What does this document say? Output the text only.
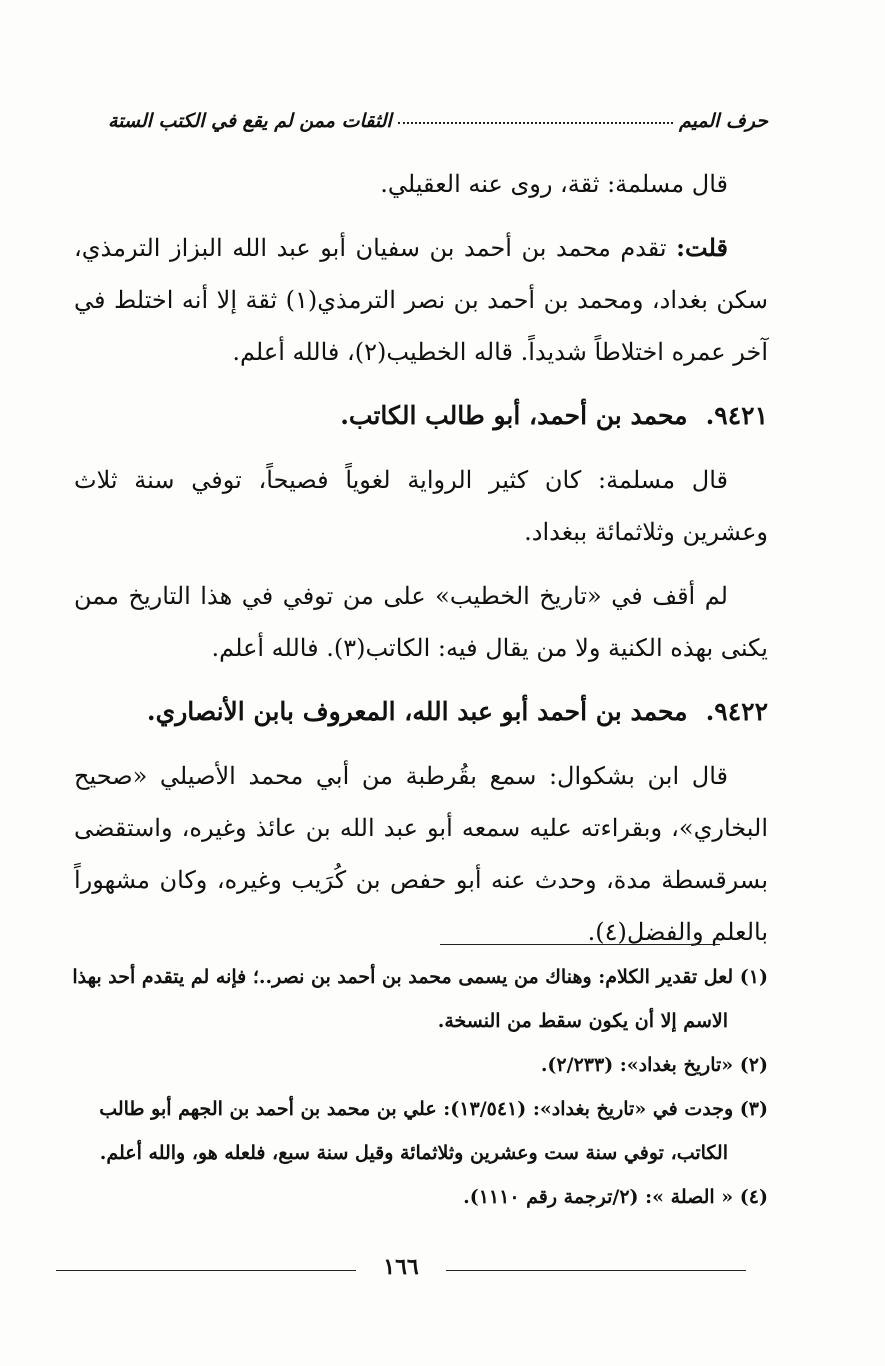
حرف الميم
الثقات ممن لم يقع في الكتب الستة

قال مسلمة: ثقة، روى عنه العقيلي.

قلت: تقدم محمد بن أحمد بن سفيان أبو عبد الله البزاز الترمذي، سكن بغداد، ومحمد بن أحمد بن نصر الترمذي(١) ثقة إلا أنه اختلط في آخر عمره اختلاطاً شديداً. قاله الخطيب(٢)، فالله أعلم.

٩٤٢١.محمد بن أحمد، أبو طالب الكاتب.

قال مسلمة: كان كثير الرواية لغوياً فصيحاً، توفي سنة ثلاث وعشرين وثلاثمائة ببغداد.

لم أقف في «تاريخ الخطيب» على من توفي في هذا التاريخ ممن يكنى بهذه الكنية ولا من يقال فيه: الكاتب(٣). فالله أعلم.

٩٤٢٢.محمد بن أحمد أبو عبد الله، المعروف بابن الأنصاري.

قال ابن بشكوال: سمع بقُرطبة من أبي محمد الأصيلي «صحيح البخاري»، وبقراءته عليه سمعه أبو عبد الله بن عائذ وغيره، واستقضى بسرقسطة مدة، وحدث عنه أبو حفص بن كُرَيب وغيره، وكان مشهوراً بالعلم والفضل(٤).

(١) لعل تقدير الكلام: وهناك من يسمى محمد بن أحمد بن نصر..؛ فإنه لم يتقدم أحد بهذا
الاسم إلا أن يكون سقط من النسخة.

(٢) «تاريخ بغداد»: (٢/٢٣٣).

(٣) وجدت في «تاريخ بغداد»: (١٣/٥٤١): علي بن محمد بن أحمد بن الجهم أبو طالب
الكاتب، توفي سنة ست وعشرين وثلاثمائة وقيل سنة سبع، فلعله هو، والله أعلم.

(٤) « الصلة »: (٢/ترجمة رقم ١١١٠).

١٦٦
